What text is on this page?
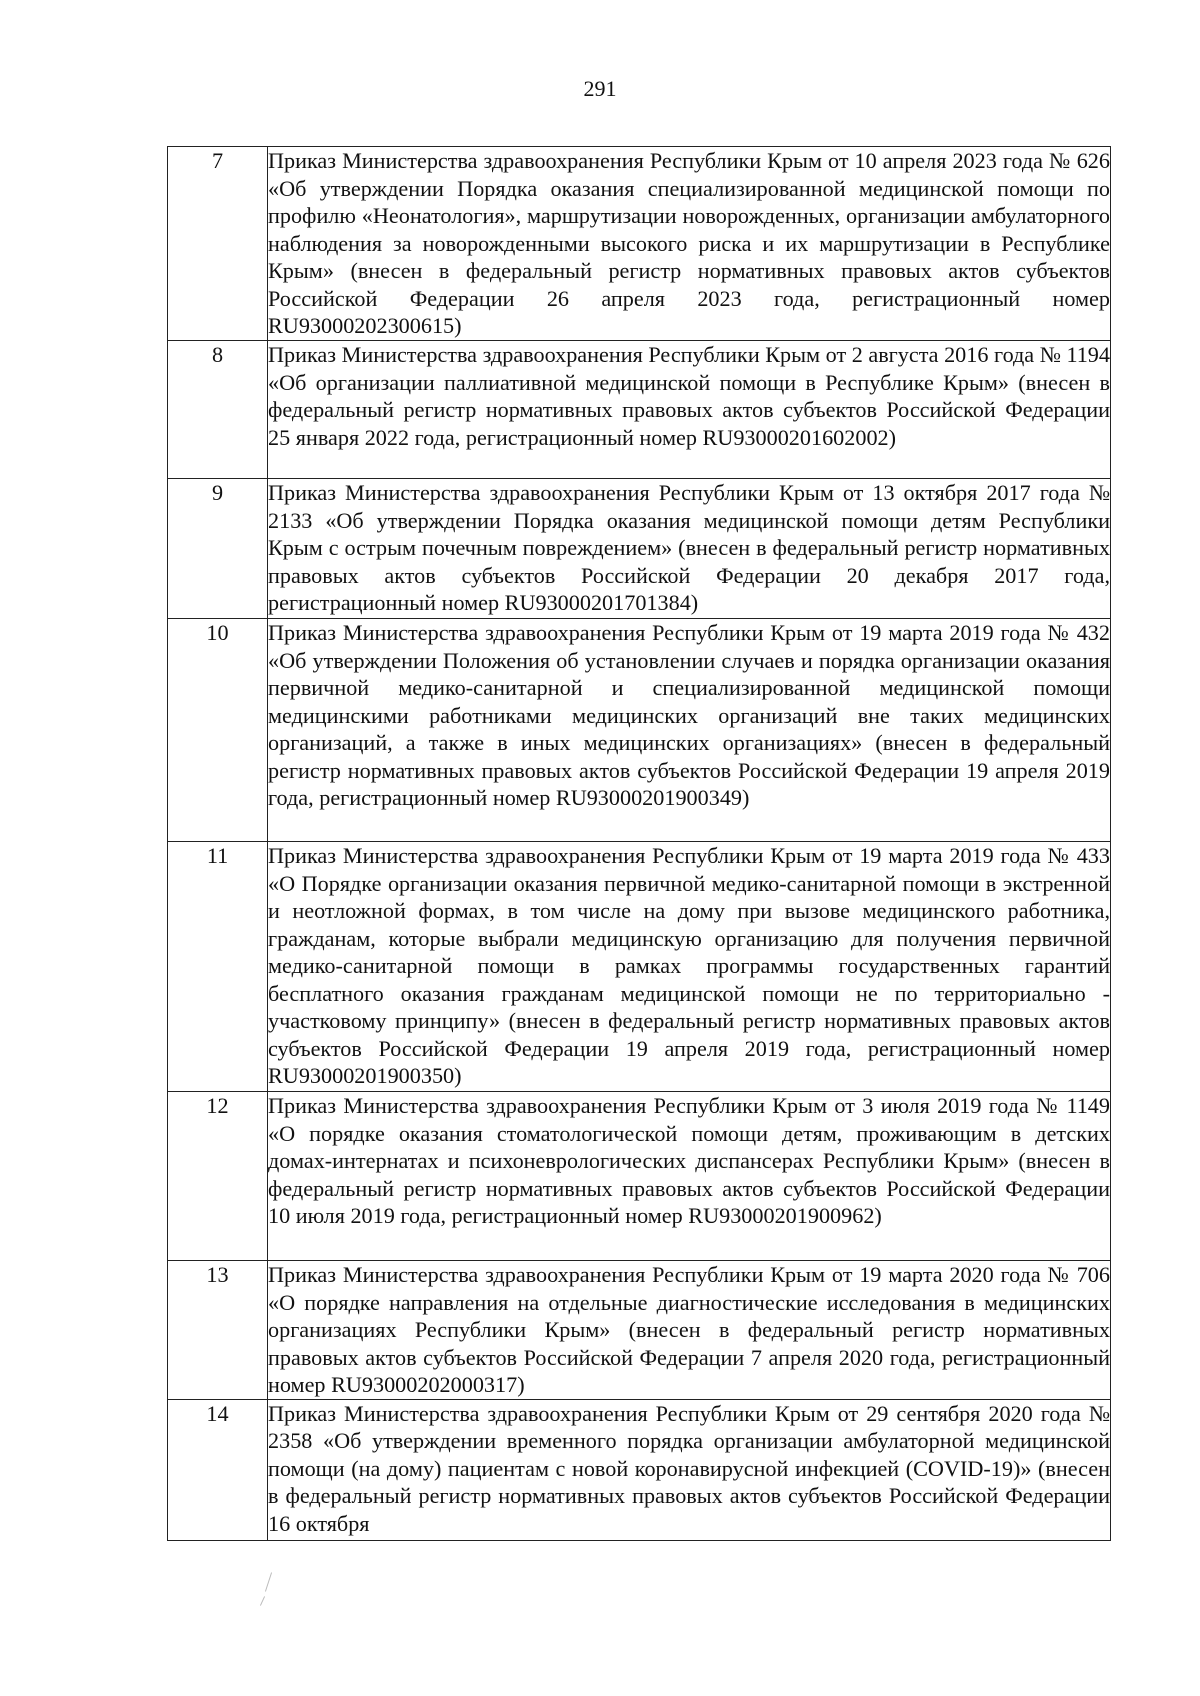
291
7	Приказ Министерства здравоохранения Республики Крым от 10 апреля 2023 года № 626 «Об утверждении Порядка оказания специализированной медицинской помощи по профилю «Неонатология», маршрутизации новорожденных, организации амбулаторного наблюдения за новорожденными высокого риска и их маршрутизации в Республике Крым» (внесен в федеральный регистр нормативных правовых актов субъектов Российской Федерации 26 апреля 2023 года, регистрационный номер RU93000202300615)
8	Приказ Министерства здравоохранения Республики Крым от 2 августа 2016 года № 1194 «Об организации паллиативной медицинской помощи в Республике Крым» (внесен в федеральный регистр нормативных правовых актов субъектов Российской Федерации 25 января 2022 года, регистрационный номер RU93000201602002)
9	Приказ Министерства здравоохранения Республики Крым от 13 октября 2017 года № 2133 «Об утверждении Порядка оказания медицинской помощи детям Республики Крым с острым почечным повреждением» (внесен в федеральный регистр нормативных правовых актов субъектов Российской Федерации 20 декабря 2017 года, регистрационный номер RU93000201701384)
10	Приказ Министерства здравоохранения Республики Крым от 19 марта 2019 года № 432 «Об утверждении Положения об установлении случаев и порядка организации оказания первичной медико-санитарной и специализированной медицинской помощи медицинскими работниками медицинских организаций вне таких медицинских организаций, а также в иных медицинских организациях» (внесен в федеральный регистр нормативных правовых актов субъектов Российской Федерации 19 апреля 2019 года, регистрационный номер RU93000201900349)
11	Приказ Министерства здравоохранения Республики Крым от 19 марта 2019 года № 433 «О Порядке организации оказания первичной медико-санитарной помощи в экстренной и неотложной формах, в том числе на дому при вызове медицинского работника, гражданам, которые выбрали медицинскую организацию для получения первичной медико-санитарной помощи в рамках программы государственных гарантий бесплатного оказания гражданам медицинской помощи не по территориально - участковому принципу» (внесен в федеральный регистр нормативных правовых актов субъектов Российской Федерации 19 апреля 2019 года, регистрационный номер RU93000201900350)
12	Приказ Министерства здравоохранения Республики Крым от 3 июля 2019 года № 1149 «О порядке оказания стоматологической помощи детям, проживающим в детских домах-интернатах и психоневрологических диспансерах Республики Крым» (внесен в федеральный регистр нормативных правовых актов субъектов Российской Федерации 10 июля 2019 года, регистрационный номер RU93000201900962)
13	Приказ Министерства здравоохранения Республики Крым от 19 марта 2020 года № 706 «О порядке направления на отдельные диагностические исследования в медицинских организациях Республики Крым» (внесен в федеральный регистр нормативных правовых актов субъектов Российской Федерации 7 апреля 2020 года, регистрационный номер RU93000202000317)
14	Приказ Министерства здравоохранения Республики Крым от 29 сентября 2020 года № 2358 «Об утверждении временного порядка организации амбулаторной медицинской помощи (на дому) пациентам с новой коронавирусной инфекцией (COVID-19)» (внесен в федеральный регистр нормативных правовых актов субъектов Российской Федерации 16 октября
